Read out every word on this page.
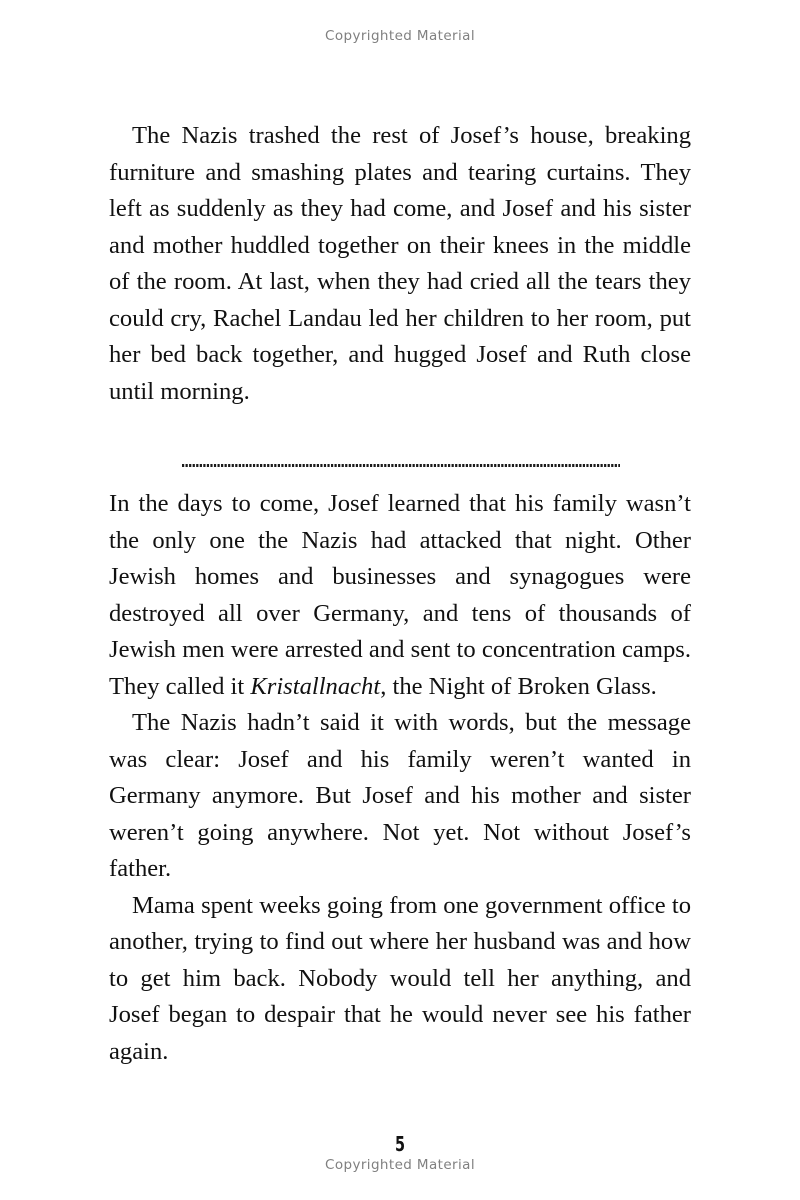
Copyrighted Material

The Nazis trashed the rest of Josef’s house, breaking furniture and smashing plates and tearing curtains. They left as suddenly as they had come, and Josef and his sister and mother huddled together on their knees in the middle of the room. At last, when they had cried all the tears they could cry, Rachel Landau led her children to her room, put her bed back together, and hugged Josef and Ruth close until morning.

In the days to come, Josef learned that his family wasn’t the only one the Nazis had attacked that night. Other Jewish homes and businesses and synagogues were destroyed all over Germany, and tens of thousands of Jewish men were arrested and sent to concentration camps. They called it Kristallnacht, the Night of Broken Glass.

The Nazis hadn’t said it with words, but the message was clear: Josef and his family weren’t wanted in Germany anymore. But Josef and his mother and sister weren’t going anywhere. Not yet. Not without Josef’s father.

Mama spent weeks going from one government office to another, trying to find out where her husband was and how to get him back. Nobody would tell her anything, and Josef began to despair that he would never see his father again.

5
Copyrighted Material
